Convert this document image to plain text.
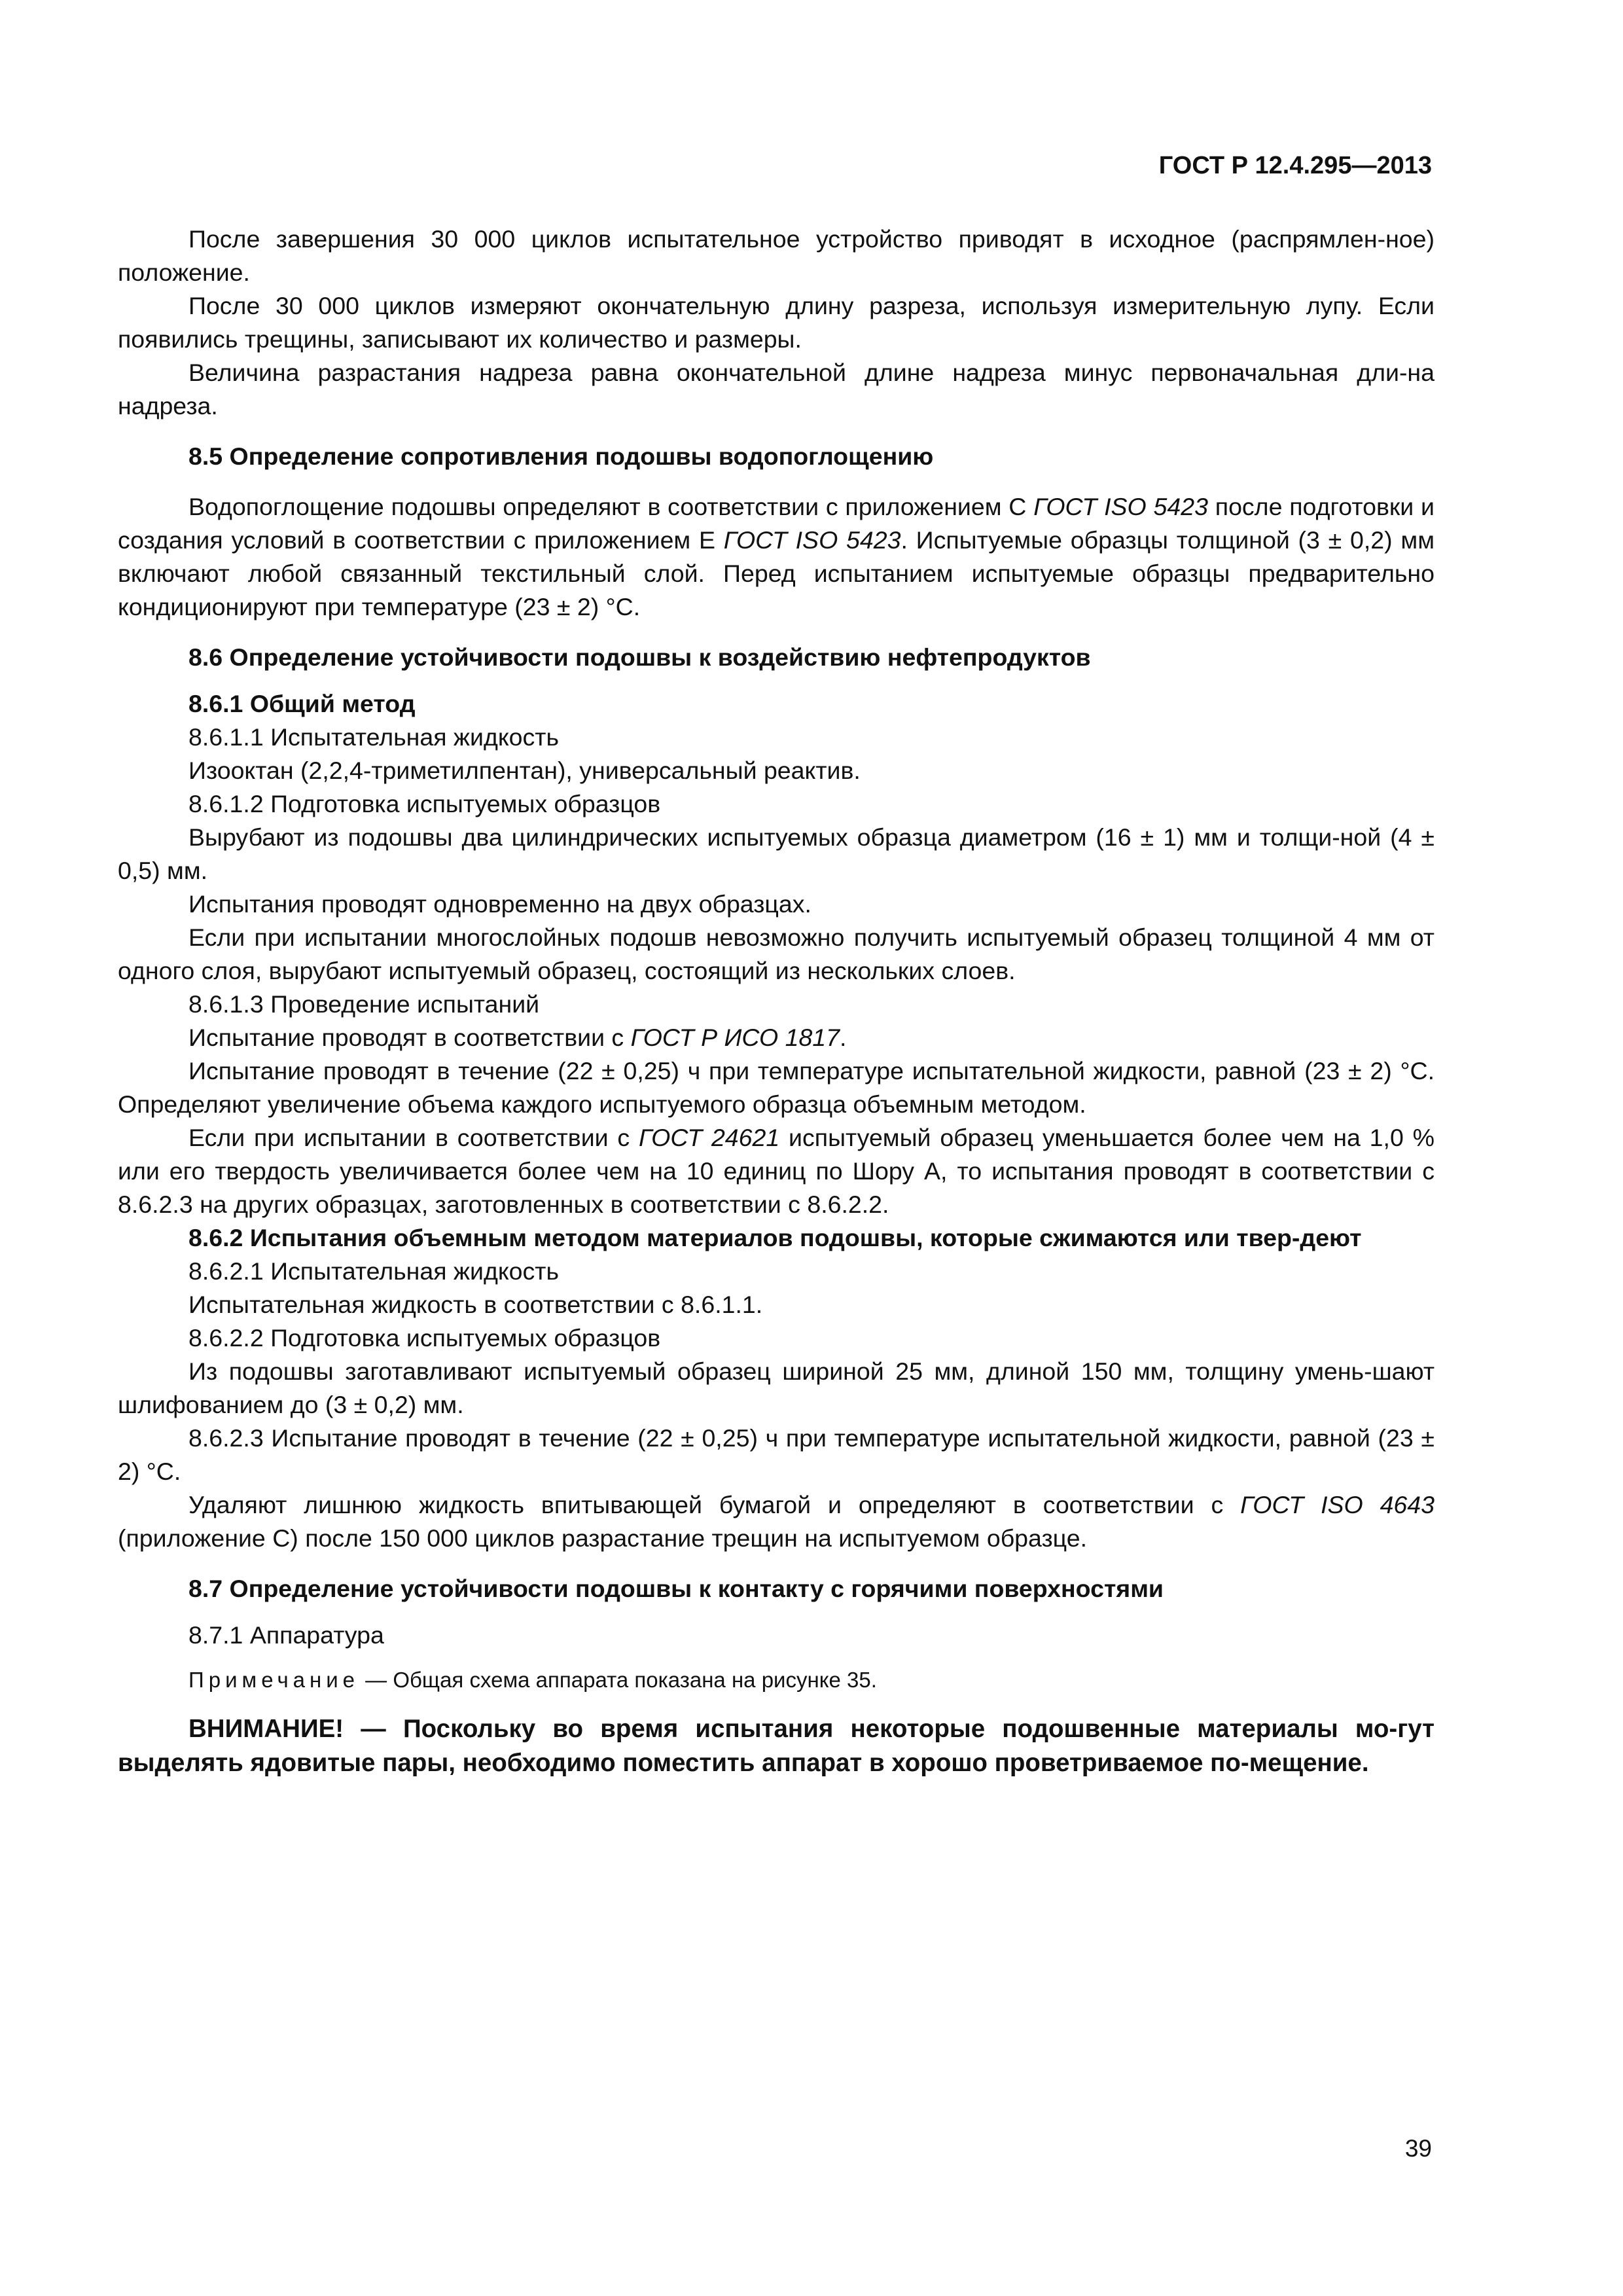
ГОСТ Р 12.4.295—2013

После завершения 30 000 циклов испытательное устройство приводят в исходное (распрямлен-ное) положение.

После 30 000 циклов измеряют окончательную длину разреза, используя измерительную лупу. Если появились трещины, записывают их количество и размеры.

Величина разрастания надреза равна окончательной длине надреза минус первоначальная дли-на надреза.

8.5 Определение сопротивления подошвы водопоглощению

Водопоглощение подошвы определяют в соответствии с приложением С ГОСТ ISO 5423 после подготовки и создания условий в соответствии с приложением Е ГОСТ ISO 5423. Испытуемые образцы толщиной (3 ± 0,2) мм включают любой связанный текстильный слой. Перед испытанием испытуемые образцы предварительно кондиционируют при температуре (23 ± 2) °С.

8.6 Определение устойчивости подошвы к воздействию нефтепродуктов

8.6.1 Общий метод

8.6.1.1 Испытательная жидкость

Изооктан (2,2,4-триметилпентан), универсальный реактив.

8.6.1.2 Подготовка испытуемых образцов

Вырубают из подошвы два цилиндрических испытуемых образца диаметром (16 ± 1) мм и толщи-ной (4 ± 0,5) мм.

Испытания проводят одновременно на двух образцах.

Если при испытании многослойных подошв невозможно получить испытуемый образец толщиной 4 мм от одного слоя, вырубают испытуемый образец, состоящий из нескольких слоев.

8.6.1.3 Проведение испытаний

Испытание проводят в соответствии с ГОСТ Р ИСО 1817.

Испытание проводят в течение (22 ± 0,25) ч при температуре испытательной жидкости, равной (23 ± 2) °С. Определяют увеличение объема каждого испытуемого образца объемным методом.

Если при испытании в соответствии с ГОСТ 24621 испытуемый образец уменьшается более чем на 1,0 % или его твердость увеличивается более чем на 10 единиц по Шору А, то испытания проводят в соответствии с 8.6.2.3 на других образцах, заготовленных в соответствии с 8.6.2.2.

8.6.2 Испытания объемным методом материалов подошвы, которые сжимаются или твер-деют

8.6.2.1 Испытательная жидкость

Испытательная жидкость в соответствии с 8.6.1.1.

8.6.2.2 Подготовка испытуемых образцов

Из подошвы заготавливают испытуемый образец шириной 25 мм, длиной 150 мм, толщину умень-шают шлифованием до (3 ± 0,2) мм.

8.6.2.3 Испытание проводят в течение (22 ± 0,25) ч при температуре испытательной жидкости, равной (23 ± 2) °С.

Удаляют лишнюю жидкость впитывающей бумагой и определяют в соответствии с ГОСТ ISO 4643 (приложение С) после 150 000 циклов разрастание трещин на испытуемом образце.

8.7 Определение устойчивости подошвы к контакту с горячими поверхностями

8.7.1 Аппаратура

Примечание — Общая схема аппарата показана на рисунке 35.

ВНИМАНИЕ! — Поскольку во время испытания некоторые подошвенные материалы мо-гут выделять ядовитые пары, необходимо поместить аппарат в хорошо проветриваемое по-мещение.

39
